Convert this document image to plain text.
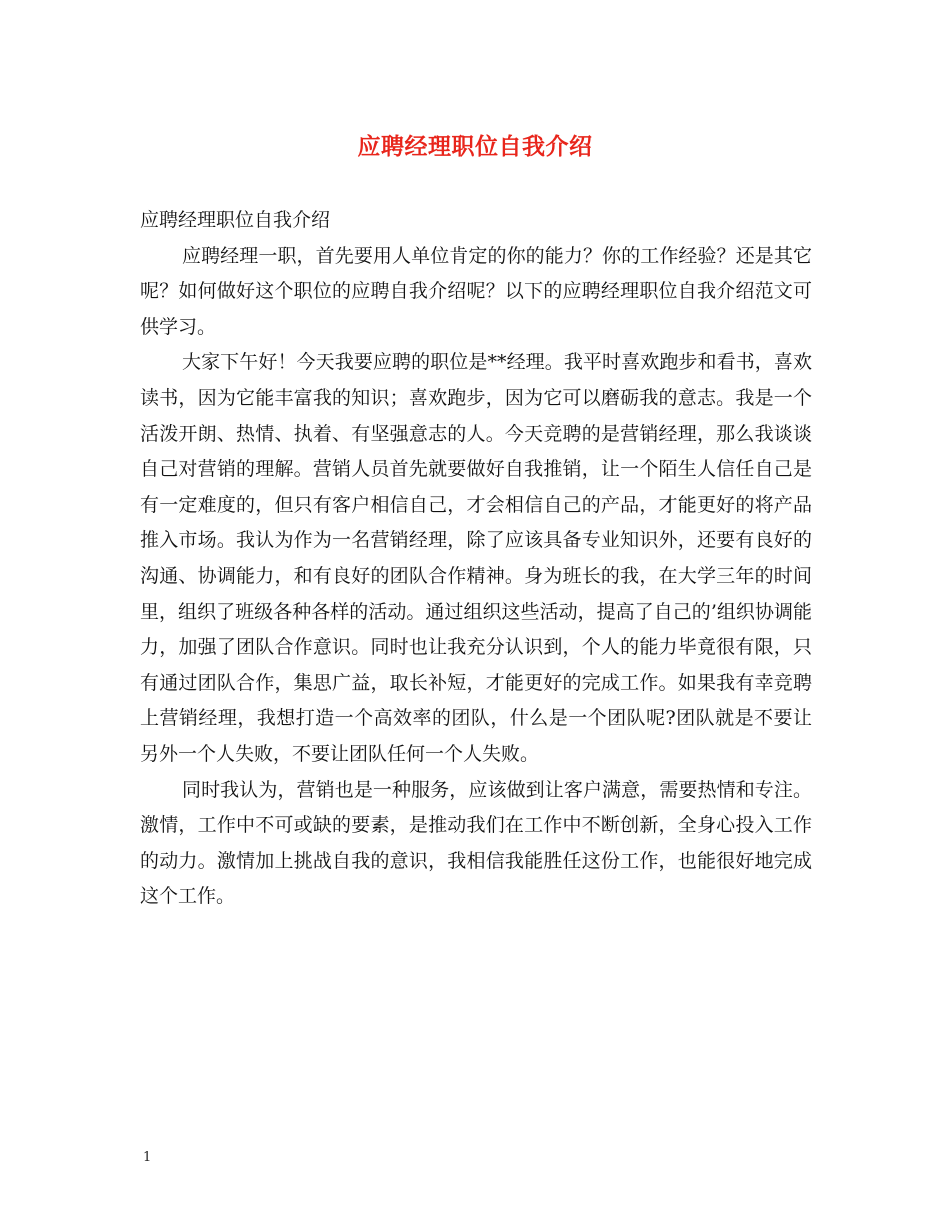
应聘经理职位自我介绍

应聘经理职位自我介绍

应聘经理一职，首先要用人单位肯定的你的能力？你的工作经验？还是其它呢？如何做好这个职位的应聘自我介绍呢？以下的应聘经理职位自我介绍范文可供学习。

大家下午好！今天我要应聘的职位是**经理。我平时喜欢跑步和看书，喜欢读书，因为它能丰富我的知识；喜欢跑步，因为它可以磨砺我的意志。我是一个活泼开朗、热情、执着、有坚强意志的人。今天竞聘的是营销经理，那么我谈谈自己对营销的理解。营销人员首先就要做好自我推销，让一个陌生人信任自己是有一定难度的，但只有客户相信自己，才会相信自己的产品，才能更好的将产品推入市场。我认为作为一名营销经理，除了应该具备专业知识外，还要有良好的沟通、协调能力，和有良好的团队合作精神。身为班长的我，在大学三年的时间里，组织了班级各种各样的活动。通过组织这些活动，提高了自己的’组织协调能力，加强了团队合作意识。同时也让我充分认识到，个人的能力毕竟很有限，只有通过团队合作，集思广益，取长补短，才能更好的完成工作。如果我有幸竞聘上营销经理，我想打造一个高效率的团队，什么是一个团队呢?团队就是不要让另外一个人失败，不要让团队任何一个人失败。

同时我认为，营销也是一种服务，应该做到让客户满意，需要热情和专注。激情，工作中不可或缺的要素，是推动我们在工作中不断创新，全身心投入工作的动力。激情加上挑战自我的意识，我相信我能胜任这份工作，也能很好地完成这个工作。

1
